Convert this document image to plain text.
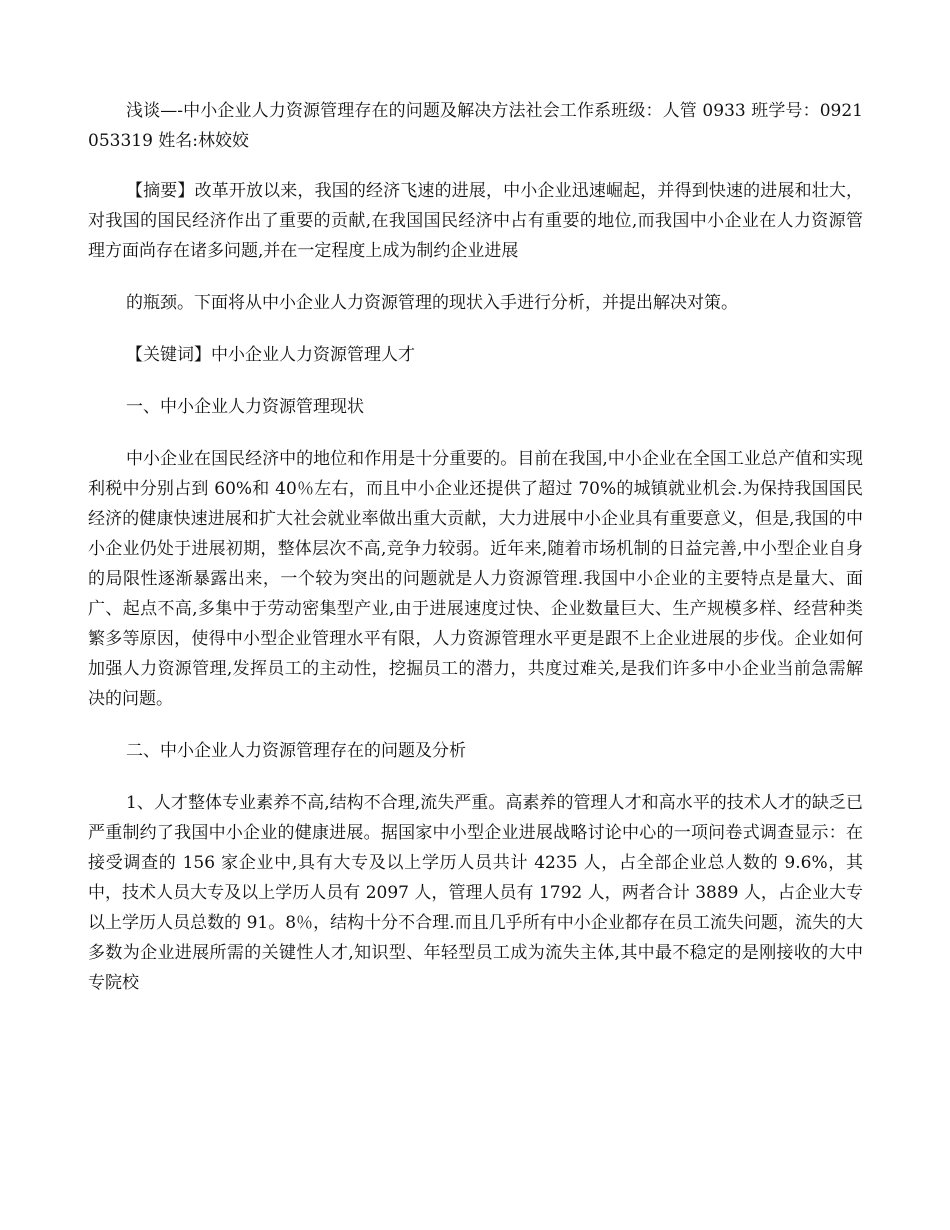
浅谈—-中小企业人力资源管理存在的问题及解决方法社会工作系班级：人管 0933 班学号：0921053319 姓名:林姣姣

【摘要】改革开放以来，我国的经济飞速的进展，中小企业迅速崛起，并得到快速的进展和壮大，对我国的国民经济作出了重要的贡献,在我国国民经济中占有重要的地位,而我国中小企业在人力资源管理方面尚存在诸多问题,并在一定程度上成为制约企业进展

的瓶颈。下面将从中小企业人力资源管理的现状入手进行分析，并提出解决对策。

【关键词】中小企业人力资源管理人才

一、中小企业人力资源管理现状

中小企业在国民经济中的地位和作用是十分重要的。目前在我国,中小企业在全国工业总产值和实现利税中分别占到 60%和 40％左右，而且中小企业还提供了超过 70%的城镇就业机会.为保持我国国民经济的健康快速进展和扩大社会就业率做出重大贡献，大力进展中小企业具有重要意义，但是,我国的中小企业仍处于进展初期，整体层次不高,竞争力较弱。近年来,随着市场机制的日益完善,中小型企业自身的局限性逐渐暴露出来，一个较为突出的问题就是人力资源管理.我国中小企业的主要特点是量大、面广、起点不高,多集中于劳动密集型产业,由于进展速度过快、企业数量巨大、生产规模多样、经营种类繁多等原因，使得中小型企业管理水平有限，人力资源管理水平更是跟不上企业进展的步伐。企业如何加强人力资源管理,发挥员工的主动性，挖掘员工的潜力，共度过难关,是我们许多中小企业当前急需解决的问题。

二、中小企业人力资源管理存在的问题及分析

1、人才整体专业素养不高,结构不合理,流失严重。高素养的管理人才和高水平的技术人才的缺乏已严重制约了我国中小企业的健康进展。据国家中小型企业进展战略讨论中心的一项问卷式调查显示：在接受调查的 156 家企业中,具有大专及以上学历人员共计 4235 人，占全部企业总人数的 9.6%，其中，技术人员大专及以上学历人员有 2097 人，管理人员有 1792 人，两者合计 3889 人，占企业大专以上学历人员总数的 91。8％，结构十分不合理.而且几乎所有中小企业都存在员工流失问题，流失的大多数为企业进展所需的关键性人才,知识型、年轻型员工成为流失主体,其中最不稳定的是刚接收的大中专院校
